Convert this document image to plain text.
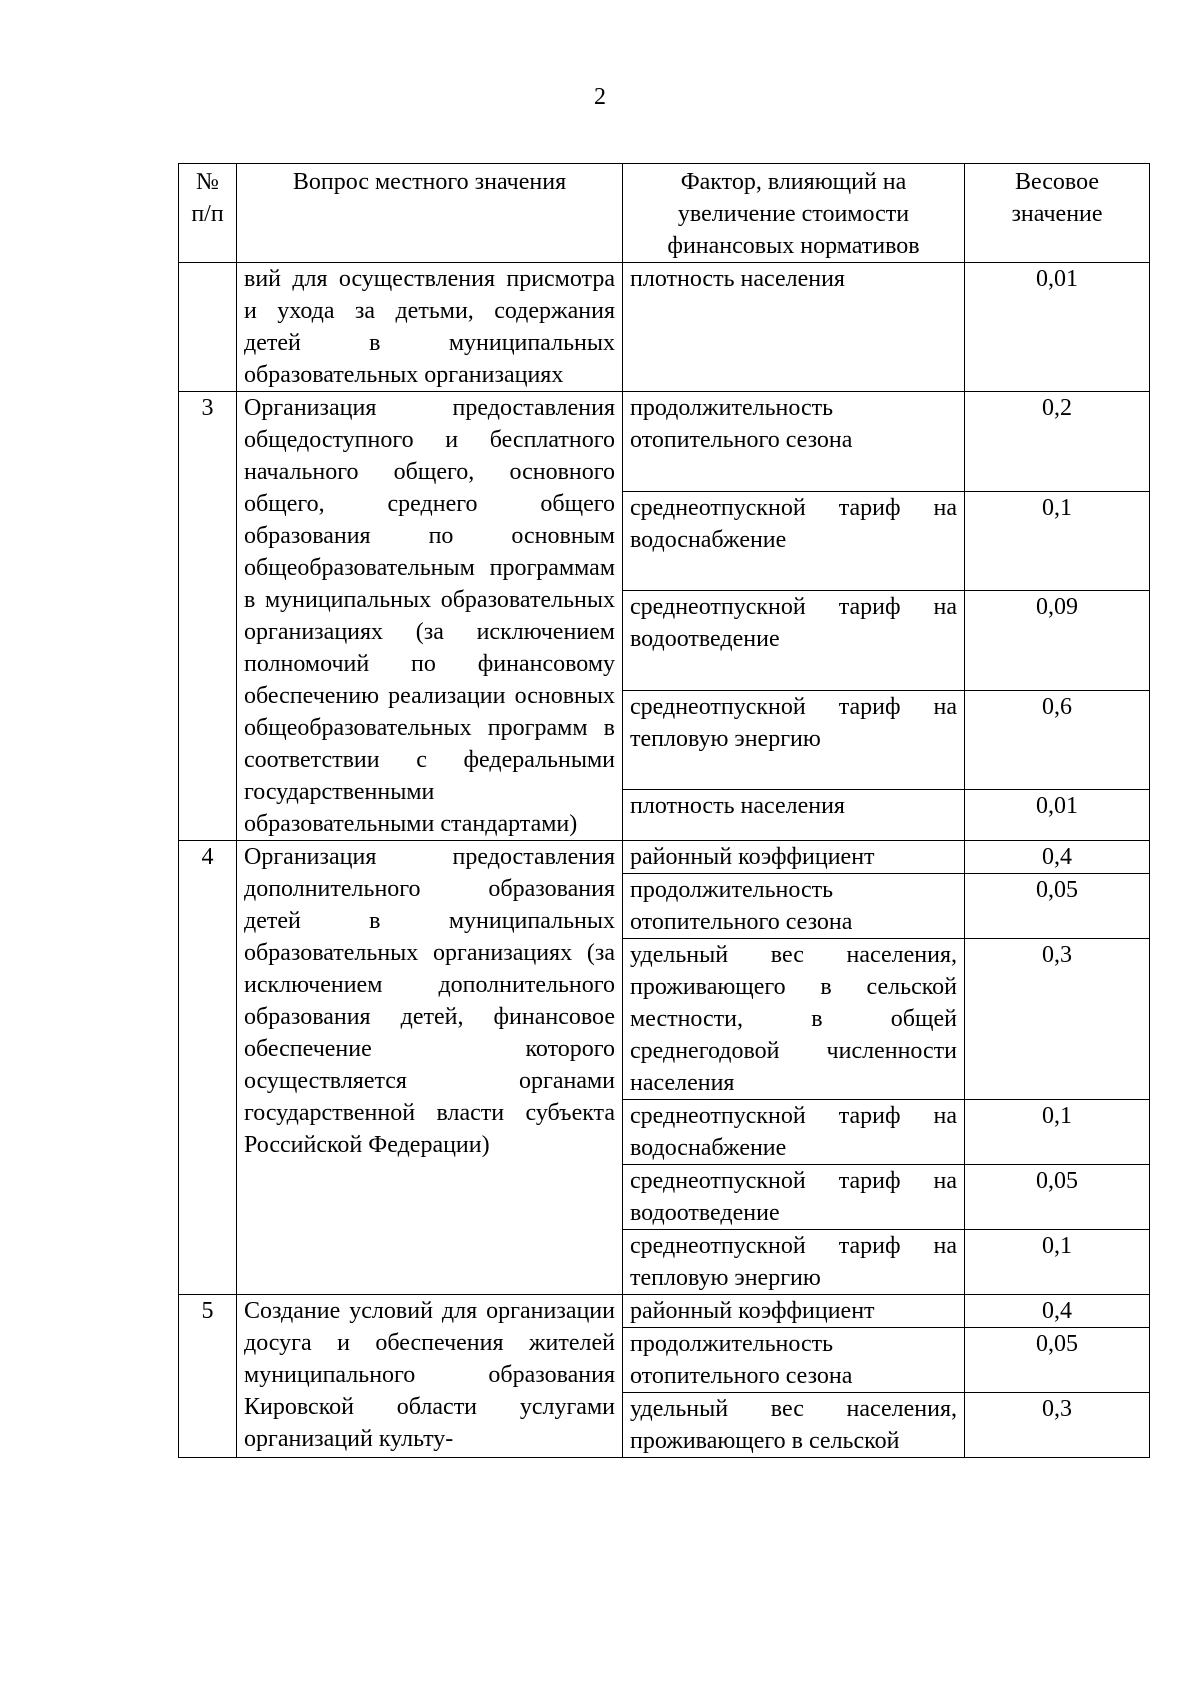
2
№ п/п	Вопрос местного значения	Фактор, влияющий на увеличение стоимости финансовых нормативов	Весовое значение
	вий для осуществления присмотра и ухода за детьми, содержания детей в муниципальных образовательных организациях	плотность населения	0,01
3	Организация предоставления общедоступного и бесплатного начального общего, основного общего, среднего общего образования по основным общеобразовательным программам в муниципальных образовательных организациях (за исключением полномочий по финансовому обеспечению реализации основных общеобразовательных программ в соответствии с федеральными государственными образовательными стандартами)	продолжительность отопительного сезона	0,2
		среднеотпускной тариф на водоснабжение	0,1
		среднеотпускной тариф на водоотведение	0,09
		среднеотпускной тариф на тепловую энергию	0,6
		плотность населения	0,01
4	Организация предоставления дополнительного образования детей в муниципальных образовательных организациях (за исключением дополнительного образования детей, финансовое обеспечение которого осуществляется органами государственной власти субъекта Российской Федерации)	районный коэффициент	0,4
		продолжительность отопительного сезона	0,05
		удельный вес населения, проживающего в сельской местности, в общей среднегодовой численности населения	0,3
		среднеотпускной тариф на водоснабжение	0,1
		среднеотпускной тариф на водоотведение	0,05
		среднеотпускной тариф на тепловую энергию	0,1
5	Создание условий для организации досуга и обеспечения жителей муниципального образования Кировской области услугами организаций культу-	районный коэффициент	0,4
		продолжительность отопительного сезона	0,05
		удельный вес населения, проживающего в сельской	0,3
